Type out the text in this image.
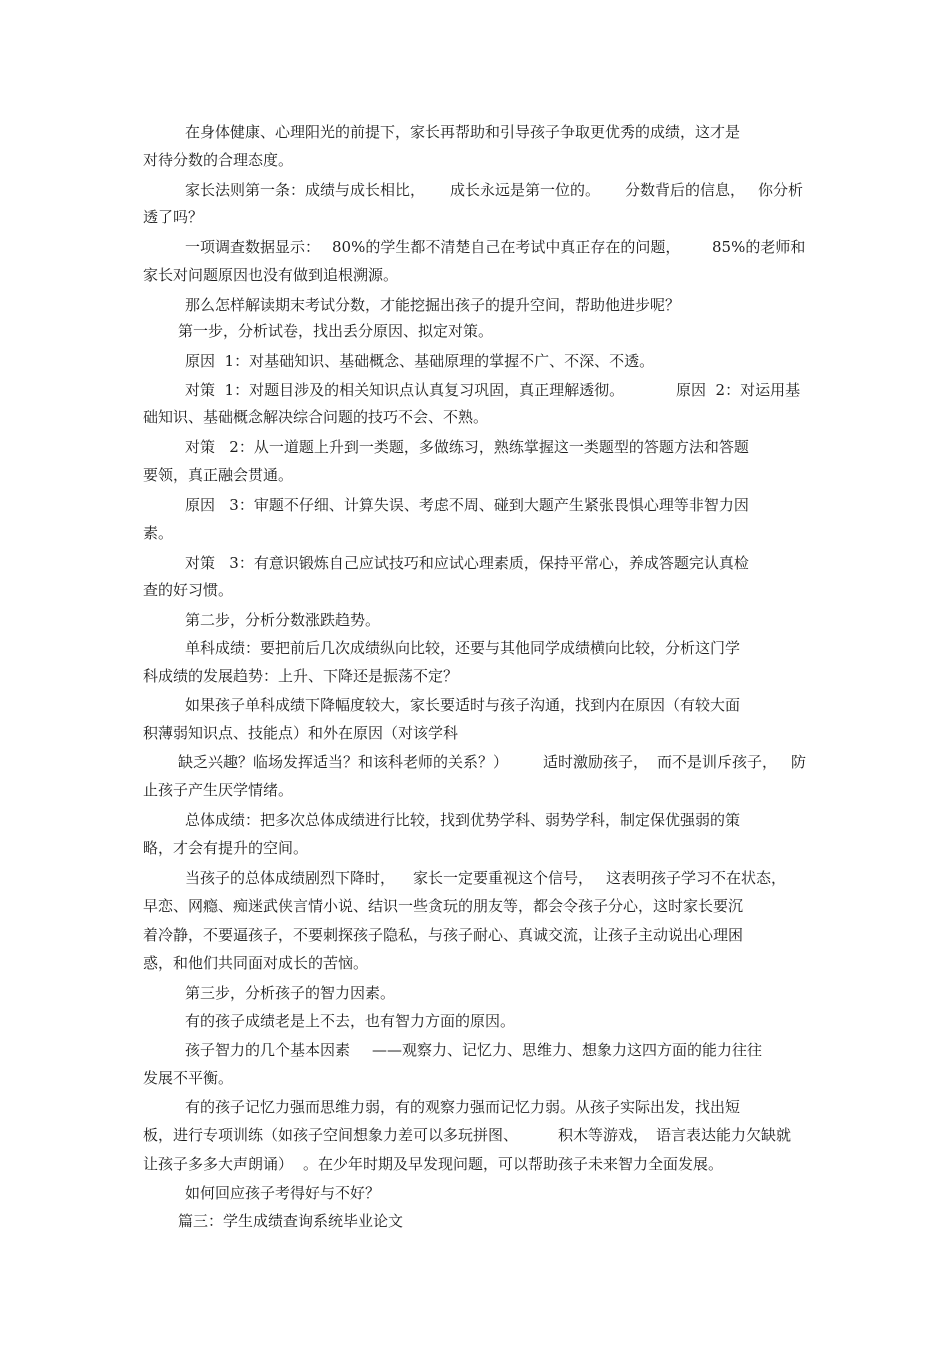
在身体健康、心理阳光的前提下，家长再帮助和引导孩子争取更优秀的成绩，这才是
对待分数的合理态度。
家长法则第一条：成绩与成长相比， 成长永远是第一位的。 分数背后的信息， 你分析
透了吗？
一项调查数据显示： 80%的学生都不清楚自己在考试中真正存在的问题， 85%的老师和
家长对问题原因也没有做到追根溯源。
那么怎样解读期末考试分数，才能挖掘出孩子的提升空间，帮助他进步呢？
第一步，分析试卷，找出丢分原因、拟定对策。
原因  1：对基础知识、基础概念、基础原理的掌握不广、不深、不透。
对策  1：对题目涉及的相关知识点认真复习巩固，真正理解透彻。	原因  2：对运用基
础知识、基础概念解决综合问题的技巧不会、不熟。
对策   2：从一道题上升到一类题，多做练习，熟练掌握这一类题型的答题方法和答题
要领，真正融会贯通。
原因   3：审题不仔细、计算失误、考虑不周、碰到大题产生紧张畏惧心理等非智力因
素。
对策   3：有意识锻炼自己应试技巧和应试心理素质，保持平常心，养成答题完认真检
查的好习惯。
第二步，分析分数涨跌趋势。
单科成绩：要把前后几次成绩纵向比较，还要与其他同学成绩横向比较，分析这门学
科成绩的发展趋势：上升、下降还是振荡不定？
如果孩子单科成绩下降幅度较大，家长要适时与孩子沟通，找到内在原因（有较大面
积薄弱知识点、技能点）和外在原因（对该学科
缺乏兴趣？临场发挥适当？和该科老师的关系？） 适时激励孩子， 而不是训斥孩子， 防
止孩子产生厌学情绪。
总体成绩：把多次总体成绩进行比较，找到优势学科、弱势学科，制定保优强弱的策
略，才会有提升的空间。
当孩子的总体成绩剧烈下降时， 家长一定要重视这个信号， 这表明孩子学习不在状态，
早恋、网瘾、痴迷武侠言情小说、结识一些贪玩的朋友等，都会令孩子分心，这时家长要沉
着冷静，不要逼孩子，不要刺探孩子隐私，与孩子耐心、真诚交流，让孩子主动说出心理困
惑，和他们共同面对成长的苦恼。
第三步，分析孩子的智力因素。
有的孩子成绩老是上不去，也有智力方面的原因。
孩子智力的几个基本因素 ——观察力、记忆力、思维力、想象力这四方面的能力往往
发展不平衡。
有的孩子记忆力强而思维力弱，有的观察力强而记忆力弱。从孩子实际出发，找出短
板，进行专项训练（如孩子空间想象力差可以多玩拼图、	积木等游戏， 语言表达能力欠缺就
让孩子多多大声朗诵） 。在少年时期及早发现问题，可以帮助孩子未来智力全面发展。
如何回应孩子考得好与不好？
篇三：学生成绩查询系统毕业论文
